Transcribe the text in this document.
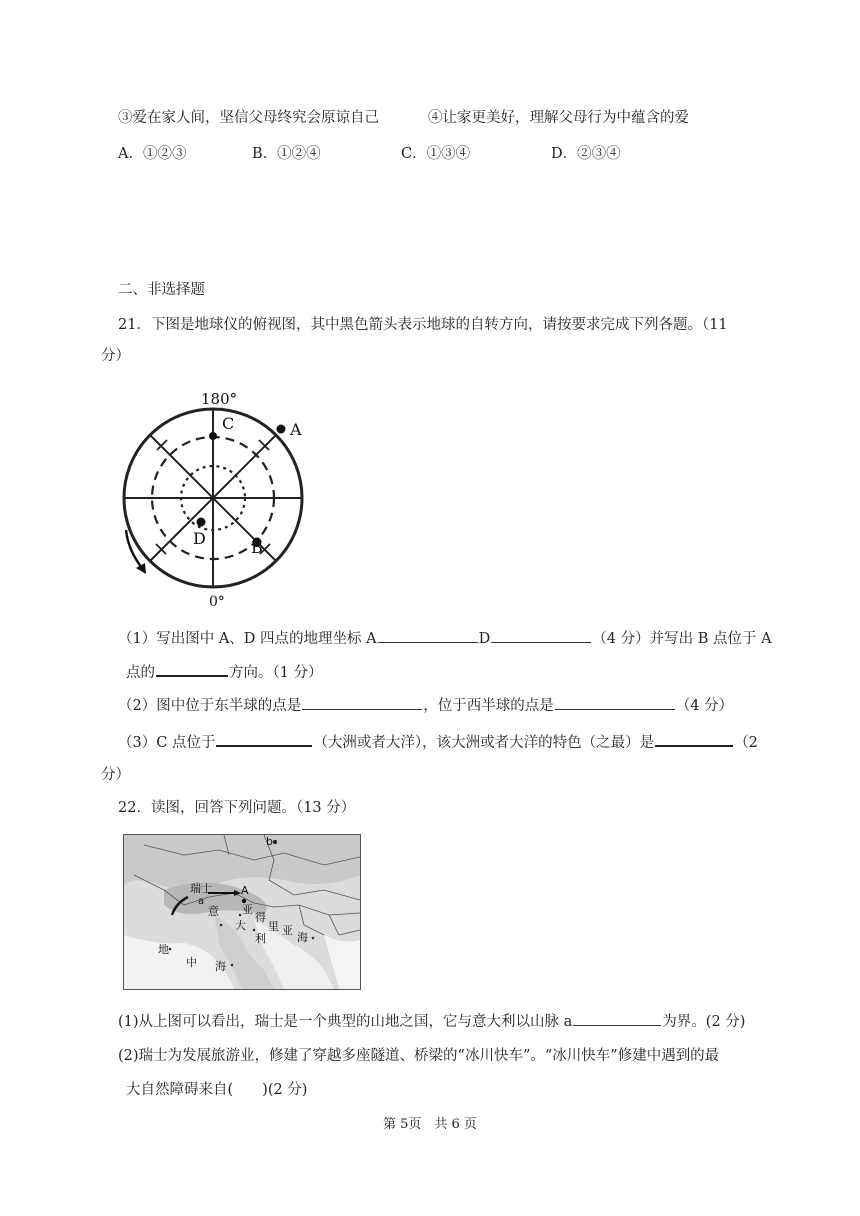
③爱在家人间，坚信父母终究会原谅自己	④让家更美好，理解父母行为中蕴含的爱
A．①②③	B．①②④	C．①③④	D．②③④
二、非选择题
21．下图是地球仪的俯视图，其中黑色箭头表示地球的自转方向，请按要求完成下列各题。（11
分）
180°
0°
C	A
B
D
（1）写出图中 A、D 四点的地理坐标 A	D	（4 分）并写出 B 点位于 A
点的	方向。（1 分）
（2）图中位于东半球的点是	，位于西半球的点是	（4 分）
（3）C 点位于	（大洲或者大洋），该大洲或者大洋的特色（之最）是	（2
分）
22．读图，回答下列问题。（13 分）
b
瑞士
a
A
意 亚
得
大 里 亚
利	海
地
中 海
(1)从上图可以看出，瑞士是一个典型的山地之国，它与意大利以山脉 a	为界。(2 分)
(2)瑞士为发展旅游业，修建了穿越多座隧道、桥梁的“冰川快车”。“冰川快车”修建中遇到的最
大自然障碍来自(　　)(2 分)
第 5页　共 6 页
